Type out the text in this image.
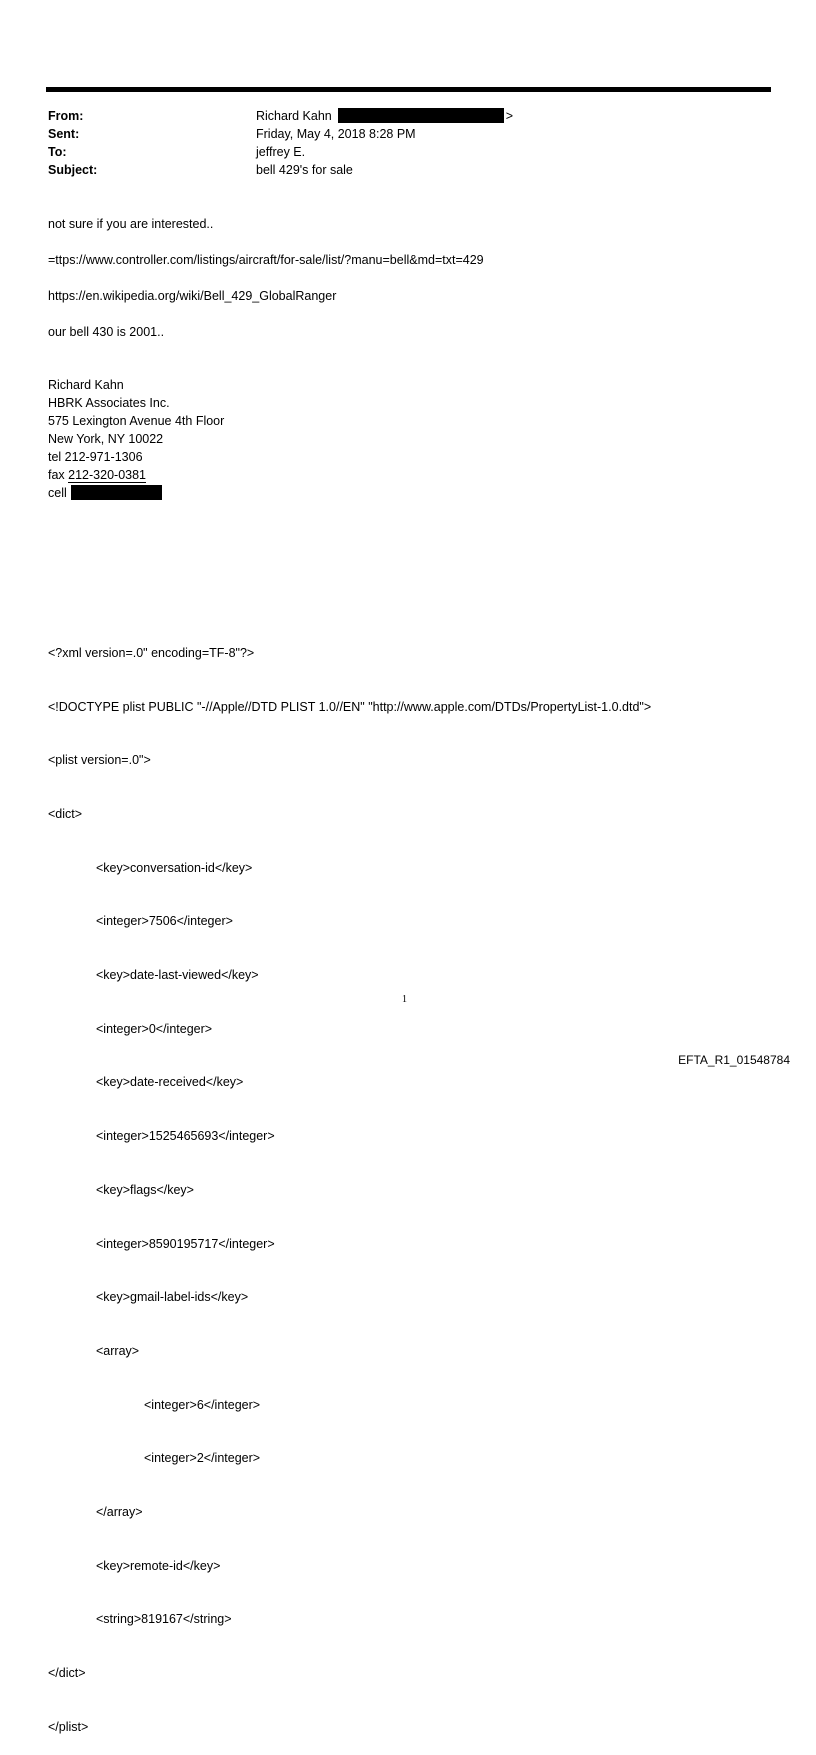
From:	Richard Kahn	>
Sent:	Friday, May 4, 2018 8:28 PM
To:	jeffrey E.
Subject:	bell 429's for sale
not sure if you are interested..
=ttps://www.controller.com/listings/aircraft/for-sale/list/?manu=bell&md=txt=429
https://en.wikipedia.org/wiki/Bell_429_GlobalRanger
our bell 430 is 2001..
Richard Kahn
HBRK Associates Inc.
575 Lexington Avenue 4th Floor
New York, NY 10022
tel 212-971-1306
fax 212-320-0381
cell

<?xml version=.0" encoding=TF-8"?>

<!DOCTYPE plist PUBLIC "-//Apple//DTD PLIST 1.0//EN" "http://www.apple.com/DTDs/PropertyList-1.0.dtd">

<plist version=.0">

<dict>

<key>conversation-id</key>

<integer>7506</integer>

<key>date-last-viewed</key>

<integer>0</integer>

<key>date-received</key>

<integer>1525465693</integer>

<key>flags</key>

<integer>8590195717</integer>

<key>gmail-label-ids</key>

<array>

<integer>6</integer>

<integer>2</integer>

</array>

<key>remote-id</key>

<string>819167</string>

</dict>

</plist>

1
EFTA_R1_01548784
